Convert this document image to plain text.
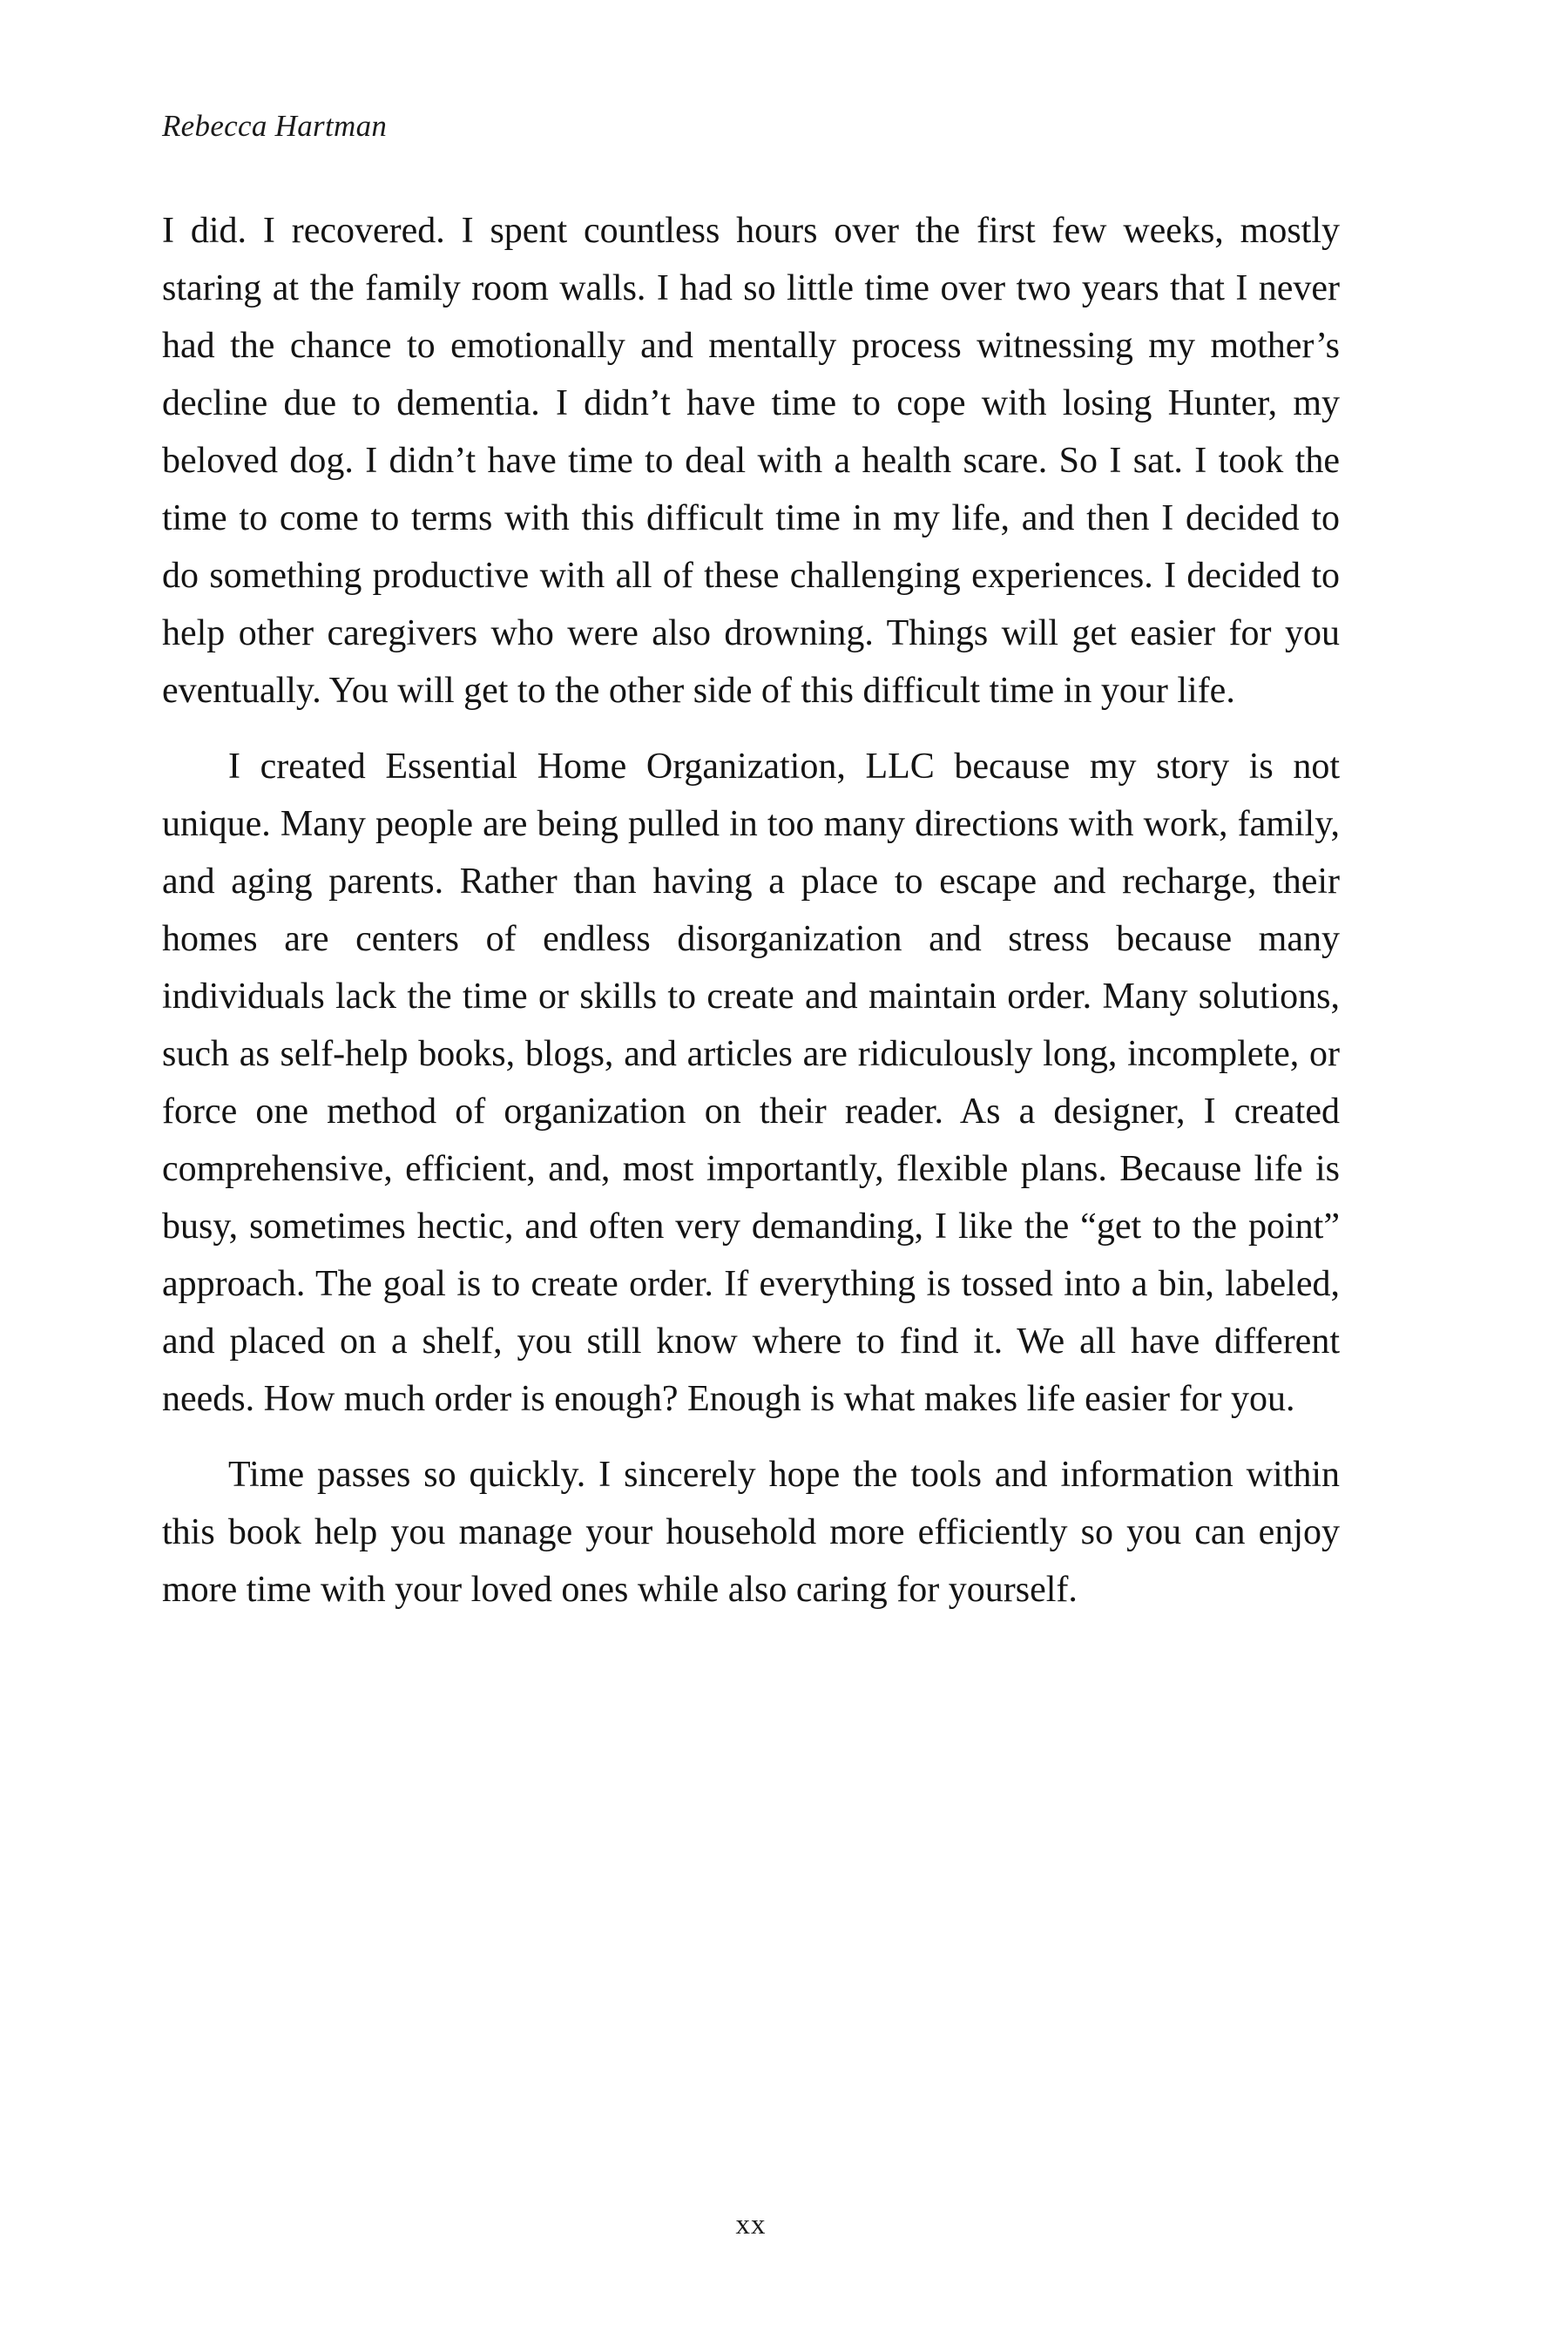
Rebecca Hartman

I did. I recovered. I spent countless hours over the first few weeks, mostly staring at the family room walls. I had so little time over two years that I never had the chance to emotionally and mentally process witnessing my mother’s decline due to dementia. I didn’t have time to cope with losing Hunter, my beloved dog. I didn’t have time to deal with a health scare. So I sat. I took the time to come to terms with this difficult time in my life, and then I decided to do something productive with all of these challenging experiences. I decided to help other caregivers who were also drowning. Things will get easier for you eventually. You will get to the other side of this difficult time in your life.

I created Essential Home Organization, LLC because my story is not unique. Many people are being pulled in too many directions with work, family, and aging parents. Rather than having a place to escape and recharge, their homes are centers of endless disorganization and stress because many individuals lack the time or skills to create and maintain order. Many solutions, such as self-help books, blogs, and articles are ridiculously long, incomplete, or force one method of organization on their reader. As a designer, I created comprehensive, efficient, and, most importantly, flexible plans. Because life is busy, sometimes hectic, and often very demanding, I like the “get to the point” approach. The goal is to create order. If everything is tossed into a bin, labeled, and placed on a shelf, you still know where to find it. We all have different needs. How much order is enough? Enough is what makes life easier for you.

Time passes so quickly. I sincerely hope the tools and information within this book help you manage your household more efficiently so you can enjoy more time with your loved ones while also caring for yourself.

xx
